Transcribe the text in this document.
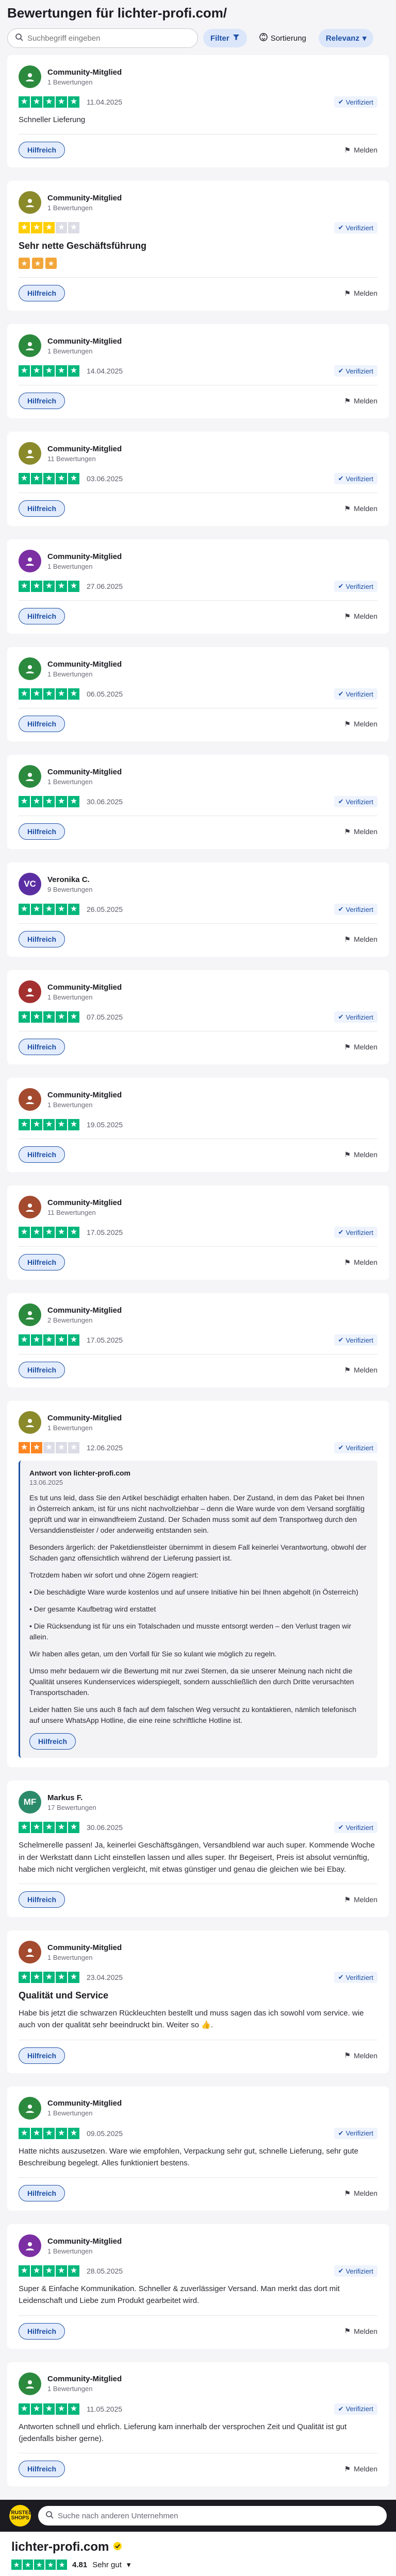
Bewertungen für lichter-profi.com/
Suchbegriff eingeben
Filter	Sortierung	Relevanz ▾
Community-Mitglied
1 Bewertungen
★ ★ ★ ★ ★ 11.04.2025	✔ Verifiziert

Schneller Lieferung

Hilfreich	⚑ Melden
Community-Mitglied
1 Bewertungen
★ ★ ★ ★ ★	✔ Verifiziert
Sehr nette Geschäftsführung
★ ★ ★
Hilfreich	⚑ Melden
Community-Mitglied
1 Bewertungen
★ ★ ★ ★ ★ 14.04.2025	✔ Verifiziert
Hilfreich	⚑ Melden
Community-Mitglied
11 Bewertungen
★ ★ ★ ★ ★ 03.06.2025	✔ Verifiziert
Hilfreich	⚑ Melden
Community-Mitglied
1 Bewertungen
★ ★ ★ ★ ★ 27.06.2025	✔ Verifiziert
Hilfreich	⚑ Melden
Community-Mitglied
1 Bewertungen
★ ★ ★ ★ ★ 06.05.2025	✔ Verifiziert
Hilfreich	⚑ Melden
Community-Mitglied
1 Bewertungen
★ ★ ★ ★ ★ 30.06.2025	✔ Verifiziert
Hilfreich	⚑ Melden
VC Veronika C.
9 Bewertungen
★ ★ ★ ★ ★ 26.05.2025	✔ Verifiziert
Hilfreich	⚑ Melden
Community-Mitglied
1 Bewertungen
★ ★ ★ ★ ★ 07.05.2025	✔ Verifiziert
Hilfreich	⚑ Melden
Community-Mitglied
1 Bewertungen
★ ★ ★ ★ ★ 19.05.2025
Hilfreich	⚑ Melden
Community-Mitglied
11 Bewertungen
★ ★ ★ ★ ★ 17.05.2025	✔ Verifiziert
Hilfreich	⚑ Melden
Community-Mitglied
2 Bewertungen
★ ★ ★ ★ ★ 17.05.2025	✔ Verifiziert
Hilfreich	⚑ Melden
Community-Mitglied
1 Bewertungen
★ ★ ★ ★ ★ 12.06.2025	✔ Verifiziert
Antwort von lichter-profi.com
13.06.2025

Es tut uns leid, dass Sie den Artikel beschädigt erhalten haben. Der Zustand, in dem das Paket bei Ihnen in Österreich ankam, ist für uns nicht nachvollziehbar – denn die Ware wurde von dem Versand sorgfältig geprüft und war in einwandfreiem Zustand. Der Schaden muss somit auf dem Transportweg durch den Versanddienstleister / oder anderweitig entstanden sein.

Besonders ärgerlich: der Paketdienstleister übernimmt in diesem Fall keinerlei Verantwortung, obwohl der Schaden ganz offensichtlich während der Lieferung passiert ist.

Trotzdem haben wir sofort und ohne Zögern reagiert:

• Die beschädigte Ware wurde kostenlos und auf unsere Initiative hin bei Ihnen abgeholt (in Österreich)

• Der gesamte Kaufbetrag wird erstattet

• Die Rücksendung ist für uns ein Totalschaden und musste entsorgt werden – den Verlust tragen wir allein.

Wir haben alles getan, um den Vorfall für Sie so kulant wie möglich zu regeln.

Umso mehr bedauern wir die Bewertung mit nur zwei Sternen, da sie unserer Meinung nach nicht die Qualität unseres Kundenservices widerspiegelt, sondern ausschließlich den durch Dritte verursachten Transportschaden.

Leider hatten Sie uns auch 8 fach auf dem falschen Weg versucht zu kontaktieren, nämlich telefonisch auf unsere WhatsApp Hotline, die eine reine schriftliche Hotline ist.

Hilfreich
MF Markus F.
17 Bewertungen
★ ★ ★ ★ ★ 30.06.2025	✔ Verifiziert

Schelmerelle passen! Ja, keinerlei Geschäftsgängen, Versandblend war auch super. Kommende Woche in der Werkstatt dann Licht einstellen lassen und alles super. Ihr Begeisert, Preis ist absolut vernünftig, habe mich nicht verglichen vergleicht, mit etwas günstiger und genau die gleichen wie bei Ebay.

Hilfreich	⚑ Melden
Community-Mitglied
1 Bewertungen
★ ★ ★ ★ ★ 23.04.2025	✔ Verifiziert
Qualität und Service

Habe bis jetzt die schwarzen Rückleuchten bestellt und muss sagen das ich sowohl vom service. wie auch von der qualität sehr beeindruckt bin. Weiter so 👍.

Hilfreich	⚑ Melden
Community-Mitglied
1 Bewertungen
★ ★ ★ ★ ★ 09.05.2025	✔ Verifiziert

Hatte nichts auszusetzen. Ware wie empfohlen, Verpackung sehr gut, schnelle Lieferung, sehr gute Beschreibung begelegt. Alles funktioniert bestens.

Hilfreich	⚑ Melden
Community-Mitglied
1 Bewertungen
★ ★ ★ ★ ★ 28.05.2025	✔ Verifiziert

Super & Einfache Kommunikation. Schneller & zuverlässiger Versand. Man merkt das dort mit Leidenschaft und Liebe zum Produkt gearbeitet wird.

Hilfreich	⚑ Melden
Community-Mitglied
1 Bewertungen
★ ★ ★ ★ ★ 11.05.2025	✔ Verifiziert

Antworten schnell und ehrlich. Lieferung kam innerhalb der versprochen Zeit und Qualität ist gut (jedenfalls bisher gerne).

Hilfreich	⚑ Melden
TRUSTED
SHOPS	Suche nach anderen Unternehmen
lichter-profi.com
★ ★ ★ ★ ★ 4.81 Sehr gut ▾
